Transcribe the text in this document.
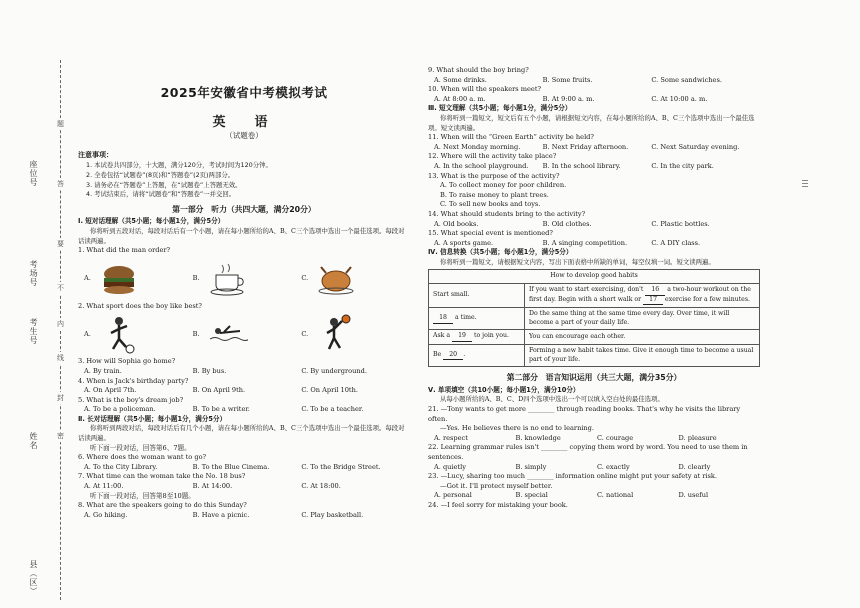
座位号
考场号
考生号
姓名
县（区）
题
答
要
不
内
线
封
密
2025年安徽省中考模拟考试
英　语
（试题卷）
注意事项：
1. 本试卷共四部分，十大题，满分120分，考试时间为120分钟。
2. 全卷包括“试题卷”(8页)和“答题卷”(2页)两部分。
3. 请务必在“答题卷”上答题，在“试题卷”上答题无效。
4. 考试结束后，请将“试题卷”和“答题卷”一并交回。
第一部分　听力（共四大题，满分20分）
Ⅰ. 短对话理解（共5小题；每小题1分，满分5分）
你将听到五段对话，每段对话后有一个小题，请在每小题所给的A、B、C三个选项中选出一个最佳选项。每段对话读两遍。
1. What did the man order?
A.	B.	C.
2. What sport does the boy like best?
A.	B.	C.
3. How will Sophia go home?
A. By train.	B. By bus.	C. By underground.
4. When is Jack's birthday party?
A. On April 7th.	B. On April 9th.	C. On April 10th.
5. What is the boy's dream job?
A. To be a policeman.	B. To be a writer.	C. To be a teacher.
Ⅱ. 长对话理解（共5小题；每小题1分，满分5分）
你将听到两段对话，每段对话后有几个小题，请在每小题所给的A、B、C三个选项中选出一个最佳选项。每段对话读两遍。
听下面一段对话，回答第6、7题。
6. Where does the woman want to go?
A. To the City Library.	B. To the Blue Cinema.	C. To the Bridge Street.
7. What time can the woman take the No. 18 bus?
A. At 11:00.	B. At 14:00.	C. At 18:00.
听下面一段对话，回答第8至10题。
8. What are the speakers going to do this Sunday?
A. Go hiking.	B. Have a picnic.	C. Play basketball.
9. What should the boy bring?
A. Some drinks.	B. Some fruits.	C. Some sandwiches.
10. When will the speakers meet?
A. At 8:00 a. m.	B. At 9:00 a. m.	C. At 10:00 a. m.
Ⅲ. 短文理解（共5小题；每小题1分，满分5分）
你将听到一篇短文，短文后有五个小题，请根据短文内容，在每小题所给的A、B、C三个选项中选出一个最佳选项。短文读两遍。
11. When will the “Green Earth” activity be held?
A. Next Monday morning.	B. Next Friday afternoon.	C. Next Saturday evening.
12. Where will the activity take place?
A. In the school playground.	B. In the school library.	C. In the city park.
13. What is the purpose of the activity?
A. To collect money for poor children.
B. To raise money to plant trees.
C. To sell new books and toys.
14. What should students bring to the activity?
A. Old books.	B. Old clothes.	C. Plastic bottles.
15. What special event is mentioned?
A. A sports game.	B. A singing competition.	C. A DIY class.
Ⅳ. 信息转换（共5小题；每小题1分，满分5分）
你将听到一篇短文，请根据短文内容，写出下面表格中所缺的单词，每空仅填一词。短文读两遍。
How to develop good habits	
Start small.	If you want to start exercising, don't 16 a two-hour workout on the first day. Begin with a short walk or 17 exercise for a few minutes.
18 a time.	Do the same thing at the same time every day. Over time, it will become a part of your daily life.
Ask a 19 to join you.	You can encourage each other.
Be 20 .	Forming a new habit takes time. Give it enough time to become a usual part of your life.
第二部分　语言知识运用（共三大题，满分35分）
Ⅴ. 单项填空（共10小题；每小题1分，满分10分）
从每小题所给的A、B、C、D四个选项中选出一个可以填入空白处的最佳选项。
21. —Tony wants to get more ________ through reading books. That's why he visits the library often.
—Yes. He believes there is no end to learning.
A. respect	B. knowledge	C. courage	D. pleasure
22. Learning grammar rules isn't ________ copying them word by word. You need to use them in sentences.
A. quietly	B. simply	C. exactly	D. clearly
23. —Lucy, sharing too much ________ information online might put your safety at risk.
—Got it. I'll protect myself better.
A. personal	B. special	C. national	D. useful
24. —I feel sorry for mistaking your book.
